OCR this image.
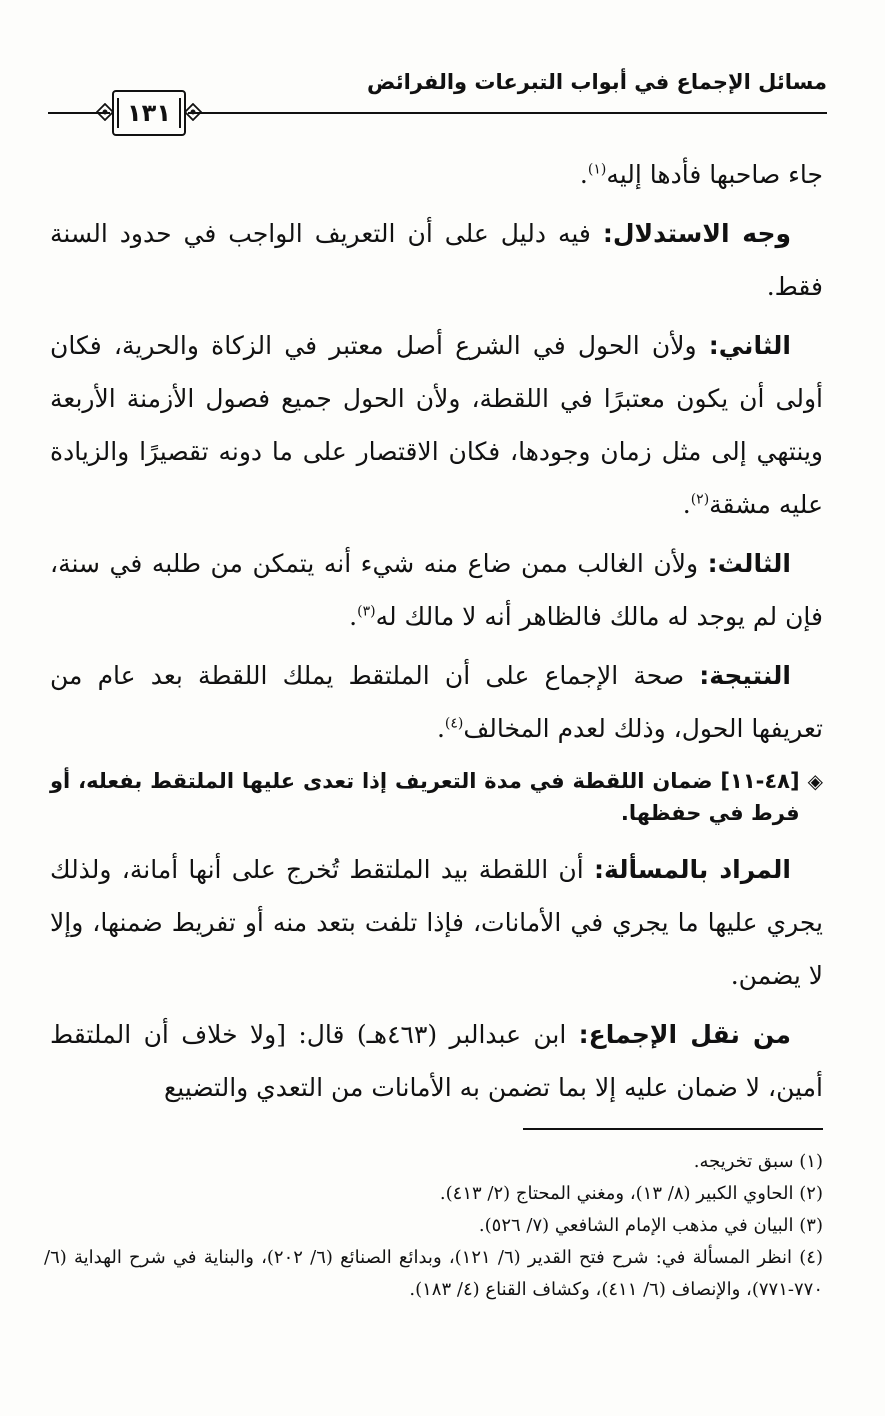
مسائل الإجماع في أبواب التبرعات والفرائض
١٣١

جاء صاحبها فأدها إليه$^{(١)}$.

وجه الاستدلال: فيه دليل على أن التعريف الواجب في حدود السنة فقط.

الثاني: ولأن الحول في الشرع أصل معتبر في الزكاة والحرية، فكان أولى أن يكون معتبرًا في اللقطة، ولأن الحول جميع فصول الأزمنة الأربعة وينتهي إلى مثل زمان وجودها، فكان الاقتصار على ما دونه تقصيرًا والزيادة عليه مشقة$^{(٢)}$.

الثالث: ولأن الغالب ممن ضاع منه شيء أنه يتمكن من طلبه في سنة، فإن لم يوجد له مالك فالظاهر أنه لا مالك له$^{(٣)}$.

النتيجة: صحة الإجماع على أن الملتقط يملك اللقطة بعد عام من تعريفها الحول، وذلك لعدم المخالف$^{(٤)}$.

◈
[٤٨-١١] ضمان اللقطة في مدة التعريف إذا تعدى عليها الملتقط بفعله، أو فرط في حفظها.

المراد بالمسألة: أن اللقطة بيد الملتقط تُخرج على أنها أمانة، ولذلك يجري عليها ما يجري في الأمانات، فإذا تلفت بتعد منه أو تفريط ضمنها، وإلا لا يضمن.

من نقل الإجماع: ابن عبدالبر (٤٦٣هـ) قال: [ولا خلاف أن الملتقط أمين، لا ضمان عليه إلا بما تضمن به الأمانات من التعدي والتضييع

(١) سبق تخريجه.

(٢) الحاوي الكبير (٨/ ١٣)، ومغني المحتاج (٢/ ٤١٣).

(٣) البيان في مذهب الإمام الشافعي (٧/ ٥٢٦).

(٤) انظر المسألة في: شرح فتح القدير (٦/ ١٢١)، وبدائع الصنائع (٦/ ٢٠٢)، والبناية في شرح الهداية (٦/ ٧٧٠-٧٧١)، والإنصاف (٦/ ٤١١)، وكشاف القناع (٤/ ١٨٣).
